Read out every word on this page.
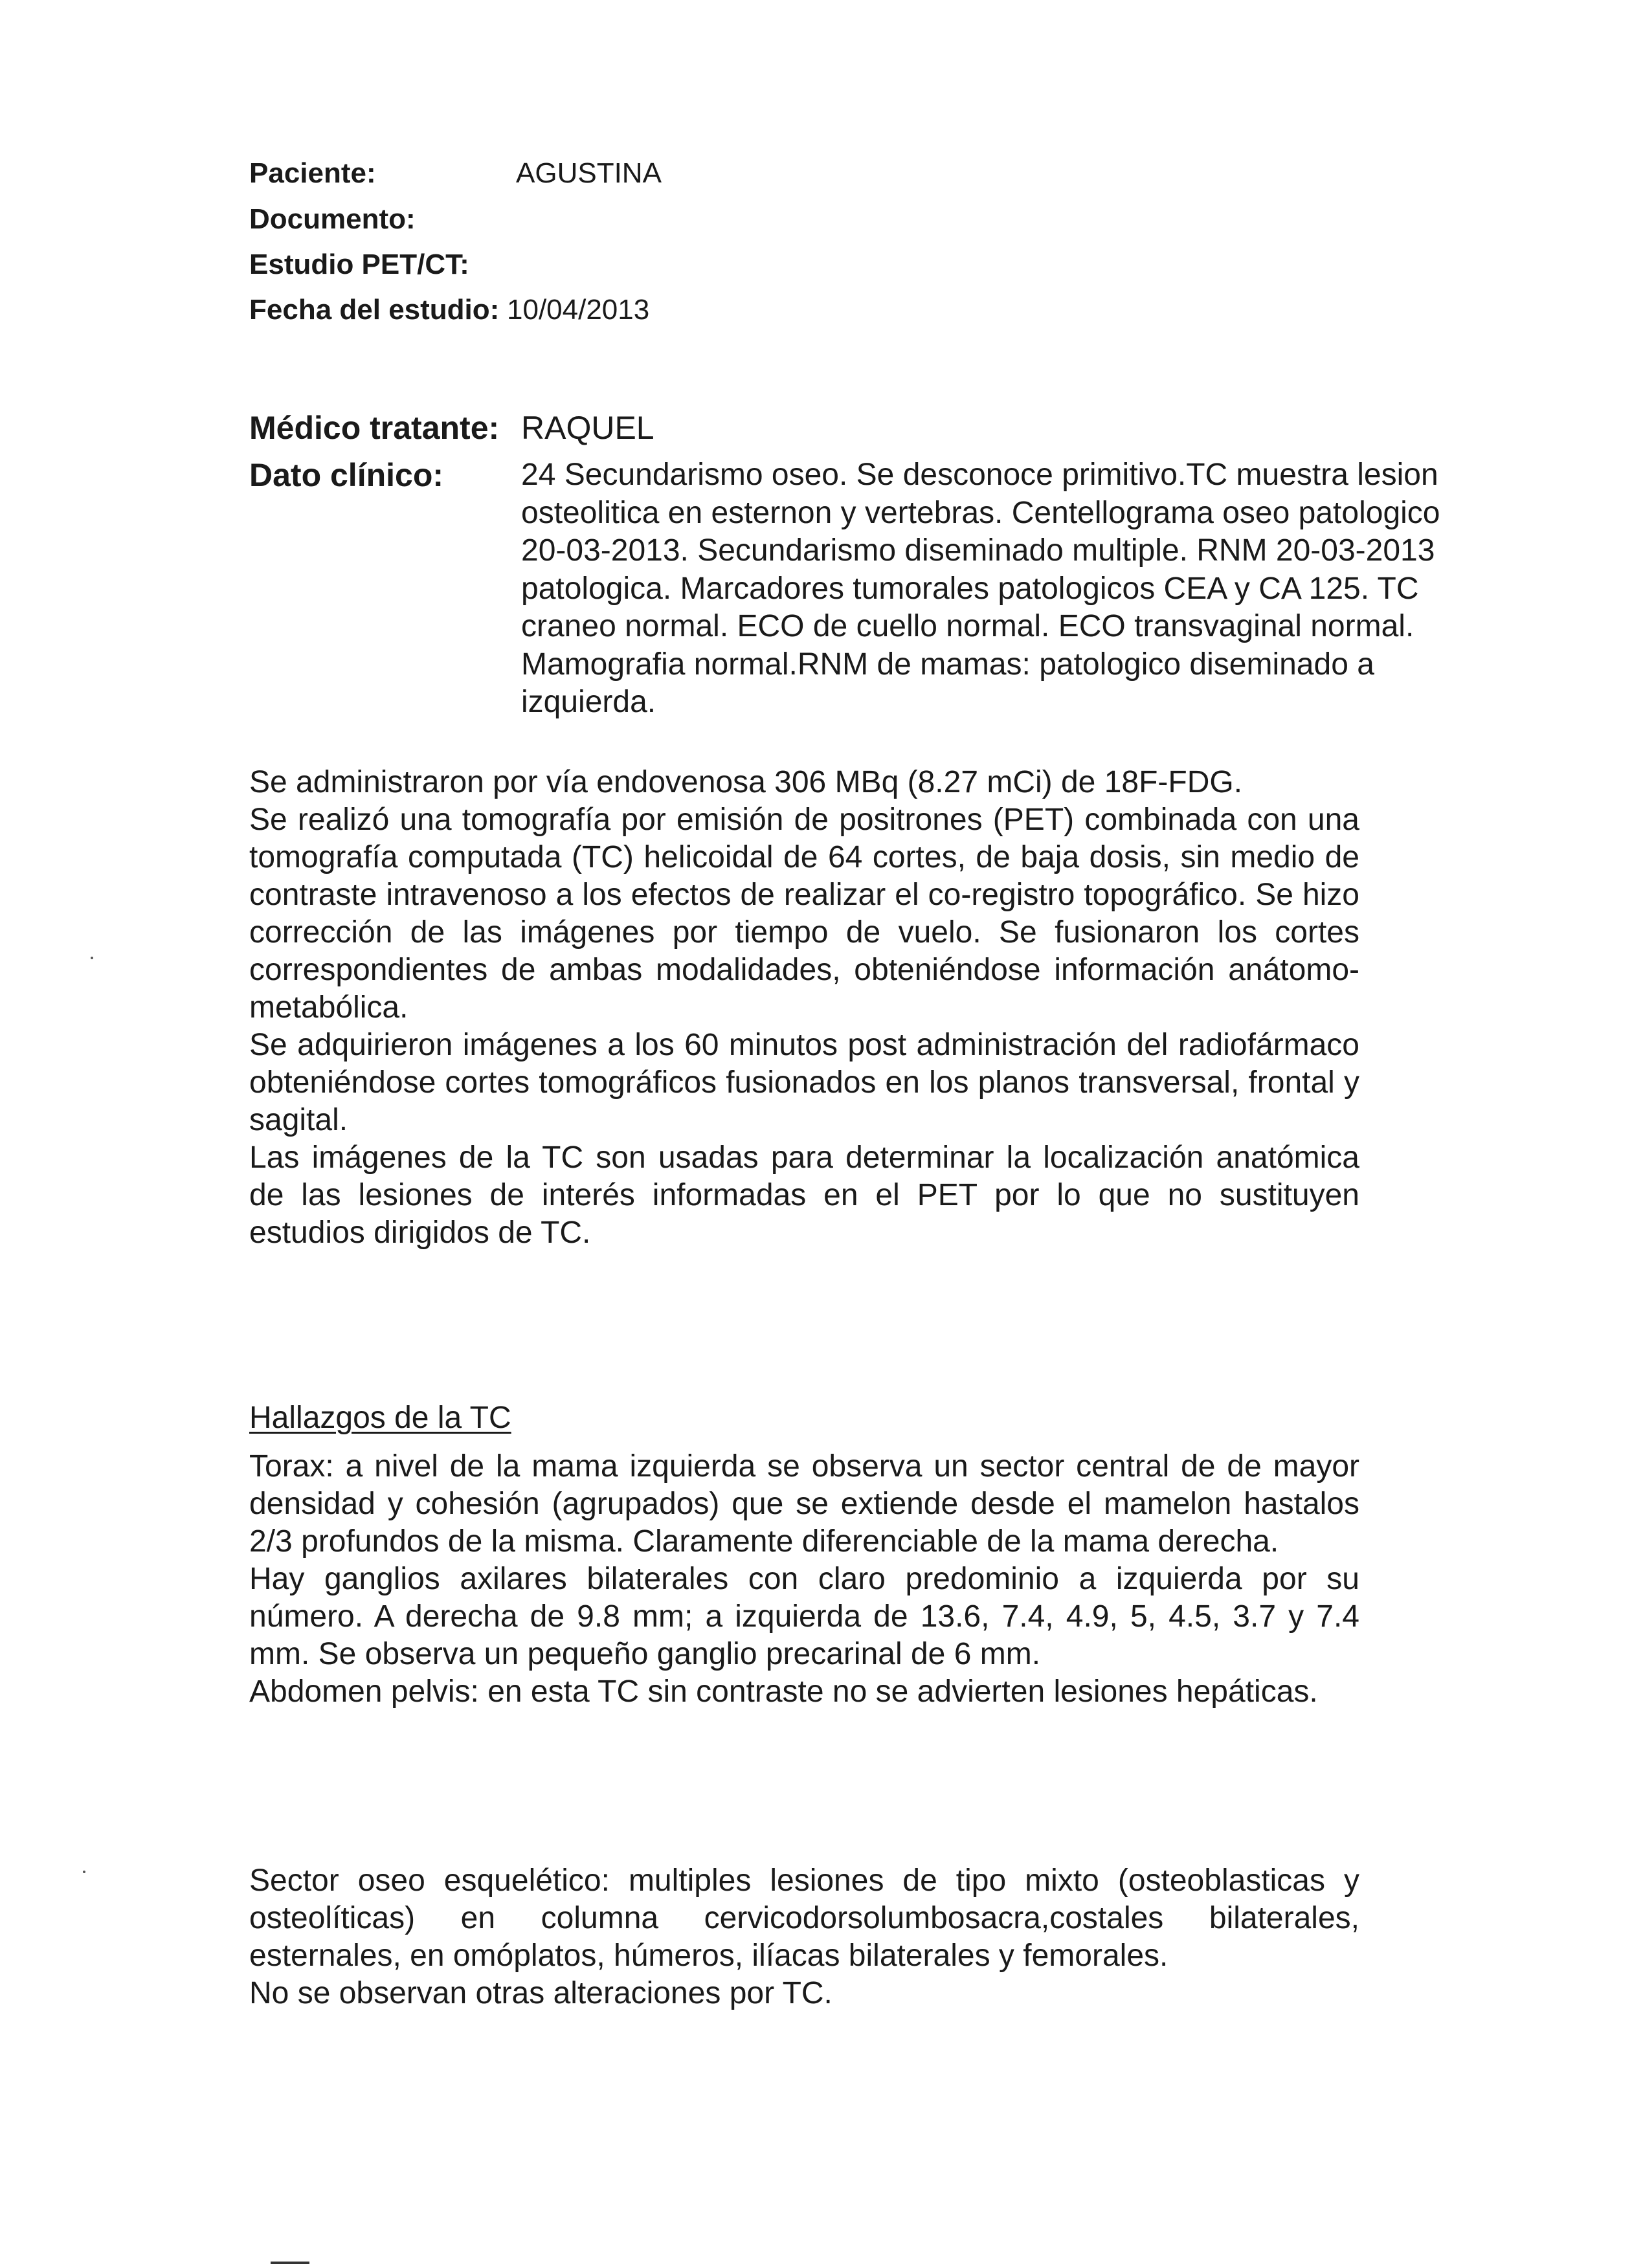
Paciente:	AGUSTINA
Documento:
Estudio PET/CT:
Fecha del estudio: 10/04/2013
Médico tratante: RAQUEL
Dato clínico: 24 Secundarismo oseo. Se desconoce primitivo.TC muestra lesion osteolitica en esternon y vertebras. Centellograma oseo patologico 20-03-2013. Secundarismo diseminado multiple. RNM 20-03-2013 patologica. Marcadores tumorales patologicos CEA y CA 125. TC craneo normal. ECO de cuello normal. ECO transvaginal normal. Mamografia normal.RNM de mamas: patologico diseminado a izquierda.

Se administraron por vía endovenosa 306 MBq (8.27 mCi) de 18F-FDG.

Se realizó una tomografía por emisión de positrones (PET) combinada con una tomografía computada (TC) helicoidal de 64 cortes, de baja dosis, sin medio de contraste intravenoso a los efectos de realizar el co-registro topográfico. Se hizo corrección de las imágenes por tiempo de vuelo. Se fusionaron los cortes correspondientes de ambas modalidades, obteniéndose información anátomo-metabólica.

Se adquirieron imágenes a los 60 minutos post administración del radiofármaco obteniéndose cortes tomográficos fusionados en los planos transversal, frontal y sagital.

Las imágenes de la TC son usadas para determinar la localización anatómica de las lesiones de interés informadas en el PET por lo que no sustituyen estudios dirigidos de TC.

Hallazgos de la TC

Torax: a nivel de la mama izquierda se observa un sector central de de mayor densidad y cohesión (agrupados) que se extiende desde el mamelon hastalos 2/3 profundos de la misma. Claramente diferenciable de la mama derecha.

Hay ganglios axilares bilaterales con claro predominio a izquierda por su número. A derecha de 9.8 mm; a izquierda de 13.6, 7.4, 4.9, 5, 4.5, 3.7 y 7.4 mm. Se observa un pequeño ganglio precarinal de 6 mm.

Abdomen pelvis: en esta TC sin contraste no se advierten lesiones hepáticas.

Sector oseo esquelético: multiples lesiones de tipo mixto (osteoblasticas y osteolíticas) en columna cervicodorsolumbosacra,costales bilaterales, esternales, en omóplatos, húmeros, ilíacas bilaterales y femorales.

No se observan otras alteraciones por TC.
